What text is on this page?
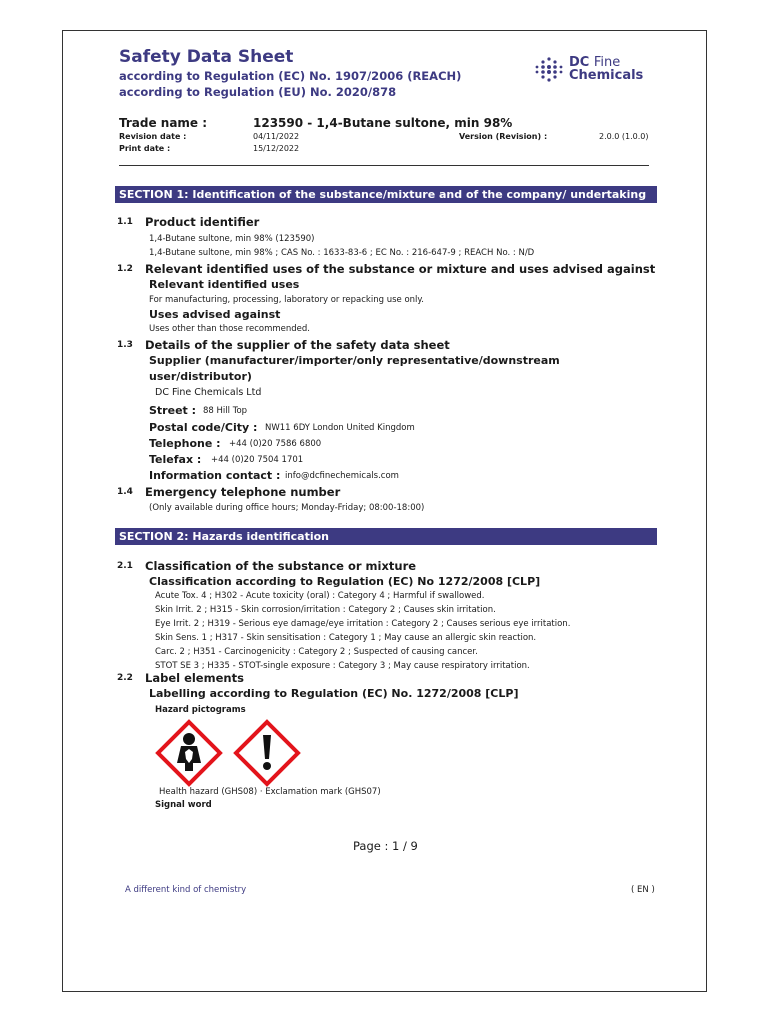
Safety Data Sheet
according to Regulation (EC) No. 1907/2006 (REACH)
according to Regulation (EU) No. 2020/878
DC Fine
Chemicals
Trade name :	123590 - 1,4-Butane sultone, min 98%
Revision date :	04/11/2022	Version (Revision) :	2.0.0 (1.0.0)
Print date :	15/12/2022
SECTION 1: Identification of the substance/mixture and of the company/ undertaking
1.1 Product identifier
1,4-Butane sultone, min 98% (123590)
1,4-Butane sultone, min 98% ; CAS No. : 1633-83-6 ; EC No. : 216-647-9 ; REACH No. : N/D
1.2 Relevant identified uses of the substance or mixture and uses advised against
Relevant identified uses
For manufacturing, processing, laboratory or repacking use only.
Uses advised against
Uses other than those recommended.
1.3 Details of the supplier of the safety data sheet
Supplier (manufacturer/importer/only representative/downstream
user/distributor)
DC Fine Chemicals Ltd
Street : 88 Hill Top
Postal code/City : NW11 6DY London United Kingdom
Telephone : +44 (0)20 7586 6800
Telefax : +44 (0)20 7504 1701
Information contact : info@dcfinechemicals.com
1.4 Emergency telephone number
(Only available during office hours; Monday-Friday; 08:00-18:00)
SECTION 2: Hazards identification
2.1 Classification of the substance or mixture
Classification according to Regulation (EC) No 1272/2008 [CLP]
Acute Tox. 4 ; H302 - Acute toxicity (oral) : Category 4 ; Harmful if swallowed.
Skin Irrit. 2 ; H315 - Skin corrosion/irritation : Category 2 ; Causes skin irritation.
Eye Irrit. 2 ; H319 - Serious eye damage/eye irritation : Category 2 ; Causes serious eye irritation.
Skin Sens. 1 ; H317 - Skin sensitisation : Category 1 ; May cause an allergic skin reaction.
Carc. 2 ; H351 - Carcinogenicity : Category 2 ; Suspected of causing cancer.
STOT SE 3 ; H335 - STOT-single exposure : Category 3 ; May cause respiratory irritation.
2.2 Label elements
Labelling according to Regulation (EC) No. 1272/2008 [CLP]
Hazard pictograms
Health hazard (GHS08) · Exclamation mark (GHS07)
Signal word
Page : 1 / 9
A different kind of chemistry	( EN )
